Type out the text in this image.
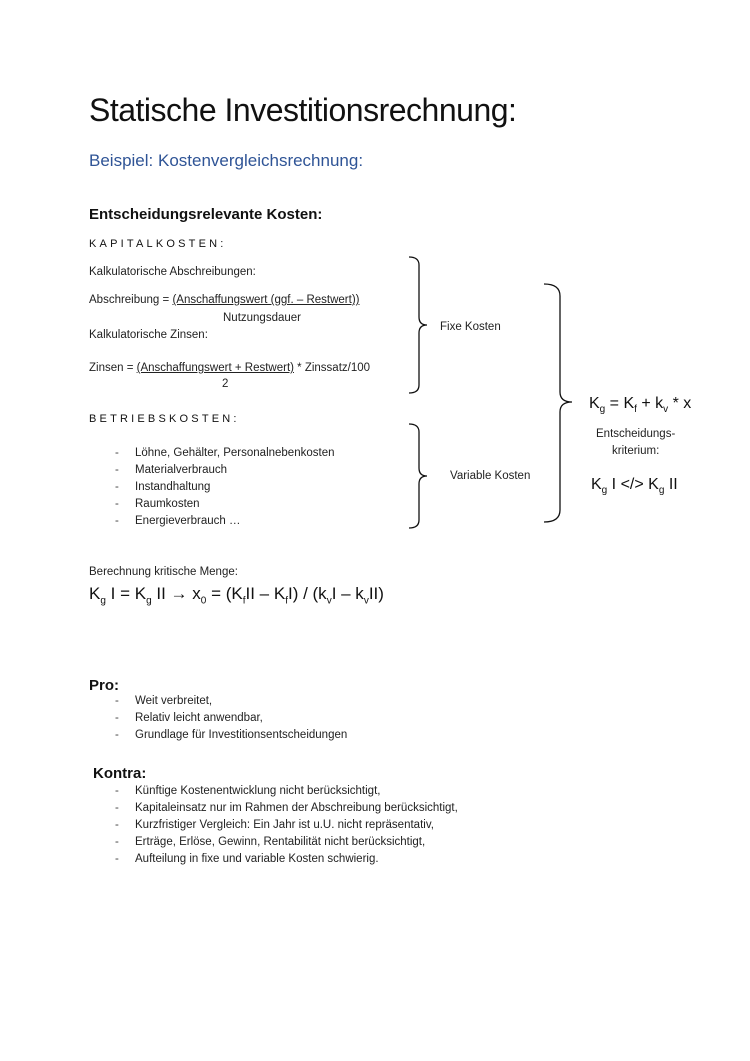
Statische Investitionsrechnung:
Beispiel: Kostenvergleichsrechnung:
Entscheidungsrelevante Kosten:
KAPITALKOSTEN:
Kalkulatorische Abschreibungen:
Abschreibung = (Anschaffungswert (ggf. – Restwert))
Nutzungsdauer
Kalkulatorische Zinsen:
Zinsen = (Anschaffungswert + Restwert) * Zinssatz/100
2
BETRIEBSKOSTEN:
- Löhne, Gehälter, Personalnebenkosten
- Materialverbrauch
- Instandhaltung
- Raumkosten
- Energieverbrauch …
Fixe Kosten
Variable Kosten
$K_g = K_f + k_v * x$
Entscheidungs-
kriterium:
$K_g$ I </> $K_g$ II
Berechnung kritische Menge:
$K_g$ $I = K_g$ II → $x_0 = (K_fII - K_fI) / (k_vI - k_vII)$
Pro:
- Weit verbreitet,
- Relativ leicht anwendbar,
- Grundlage für Investitionsentscheidungen
Kontra:
- Künftige Kostenentwicklung nicht berücksichtigt,
- Kapitaleinsatz nur im Rahmen der Abschreibung berücksichtigt,
- Kurzfristiger Vergleich: Ein Jahr ist u.U. nicht repräsentativ,
- Erträge, Erlöse, Gewinn, Rentabilität nicht berücksichtigt,
- Aufteilung in fixe und variable Kosten schwierig.
